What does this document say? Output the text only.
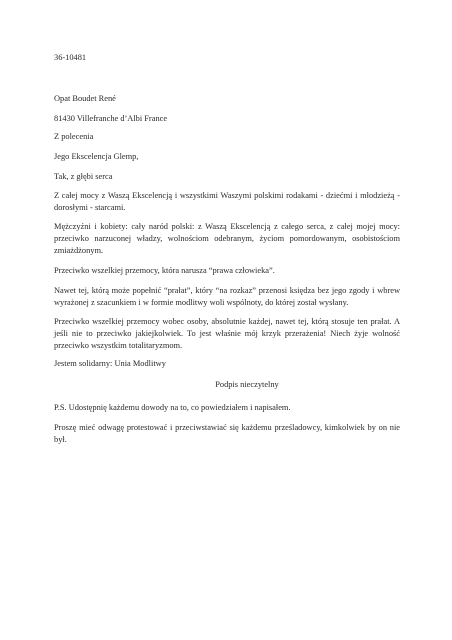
36-10481
Opat Boudet René
81430 Villefranche d’Albi France
Z polecenia
Jego Ekscelencja Glemp,
Tak, z głębi serca
Z całej mocy z Waszą Ekscelencją i wszystkimi Waszymi polskimi rodakami - dziećmi i młodzieżą - dorosłymi - starcami.
Mężczyźni i kobiety: cały naród polski: z Waszą Ekscelencją z całego serca, z całej mojej mocy: przeciwko narzuconej władzy, wolnościom odebranym, życiom pomordowanym, osobistościom zmiażdżonym.
Przeciwko wszelkiej przemocy, która narusza “prawa człowieka”.
Nawet tej, którą może popełnić “prałat”, który “na rozkaz” przenosi księdza bez jego zgody i wbrew wyrażonej z szacunkiem i w formie modlitwy woli wspólnoty, do której został wysłany.
Przeciwko wszelkiej przemocy wobec osoby, absolutnie każdej, nawet tej, którą stosuje ten prałat. A jeśli nie to przeciwko jakiejkolwiek. To jest właśnie mój krzyk przerażenia! Niech żyje wolność przeciwko wszystkim totalitaryzmom.
Jestem solidarny: Unia Modlitwy
Podpis nieczytelny
P.S. Udostępnię każdemu dowody na to, co powiedziałem i napisałem.
Proszę mieć odwagę protestować i przeciwstawiać się każdemu prześladowcy, kimkolwiek by on nie był.
